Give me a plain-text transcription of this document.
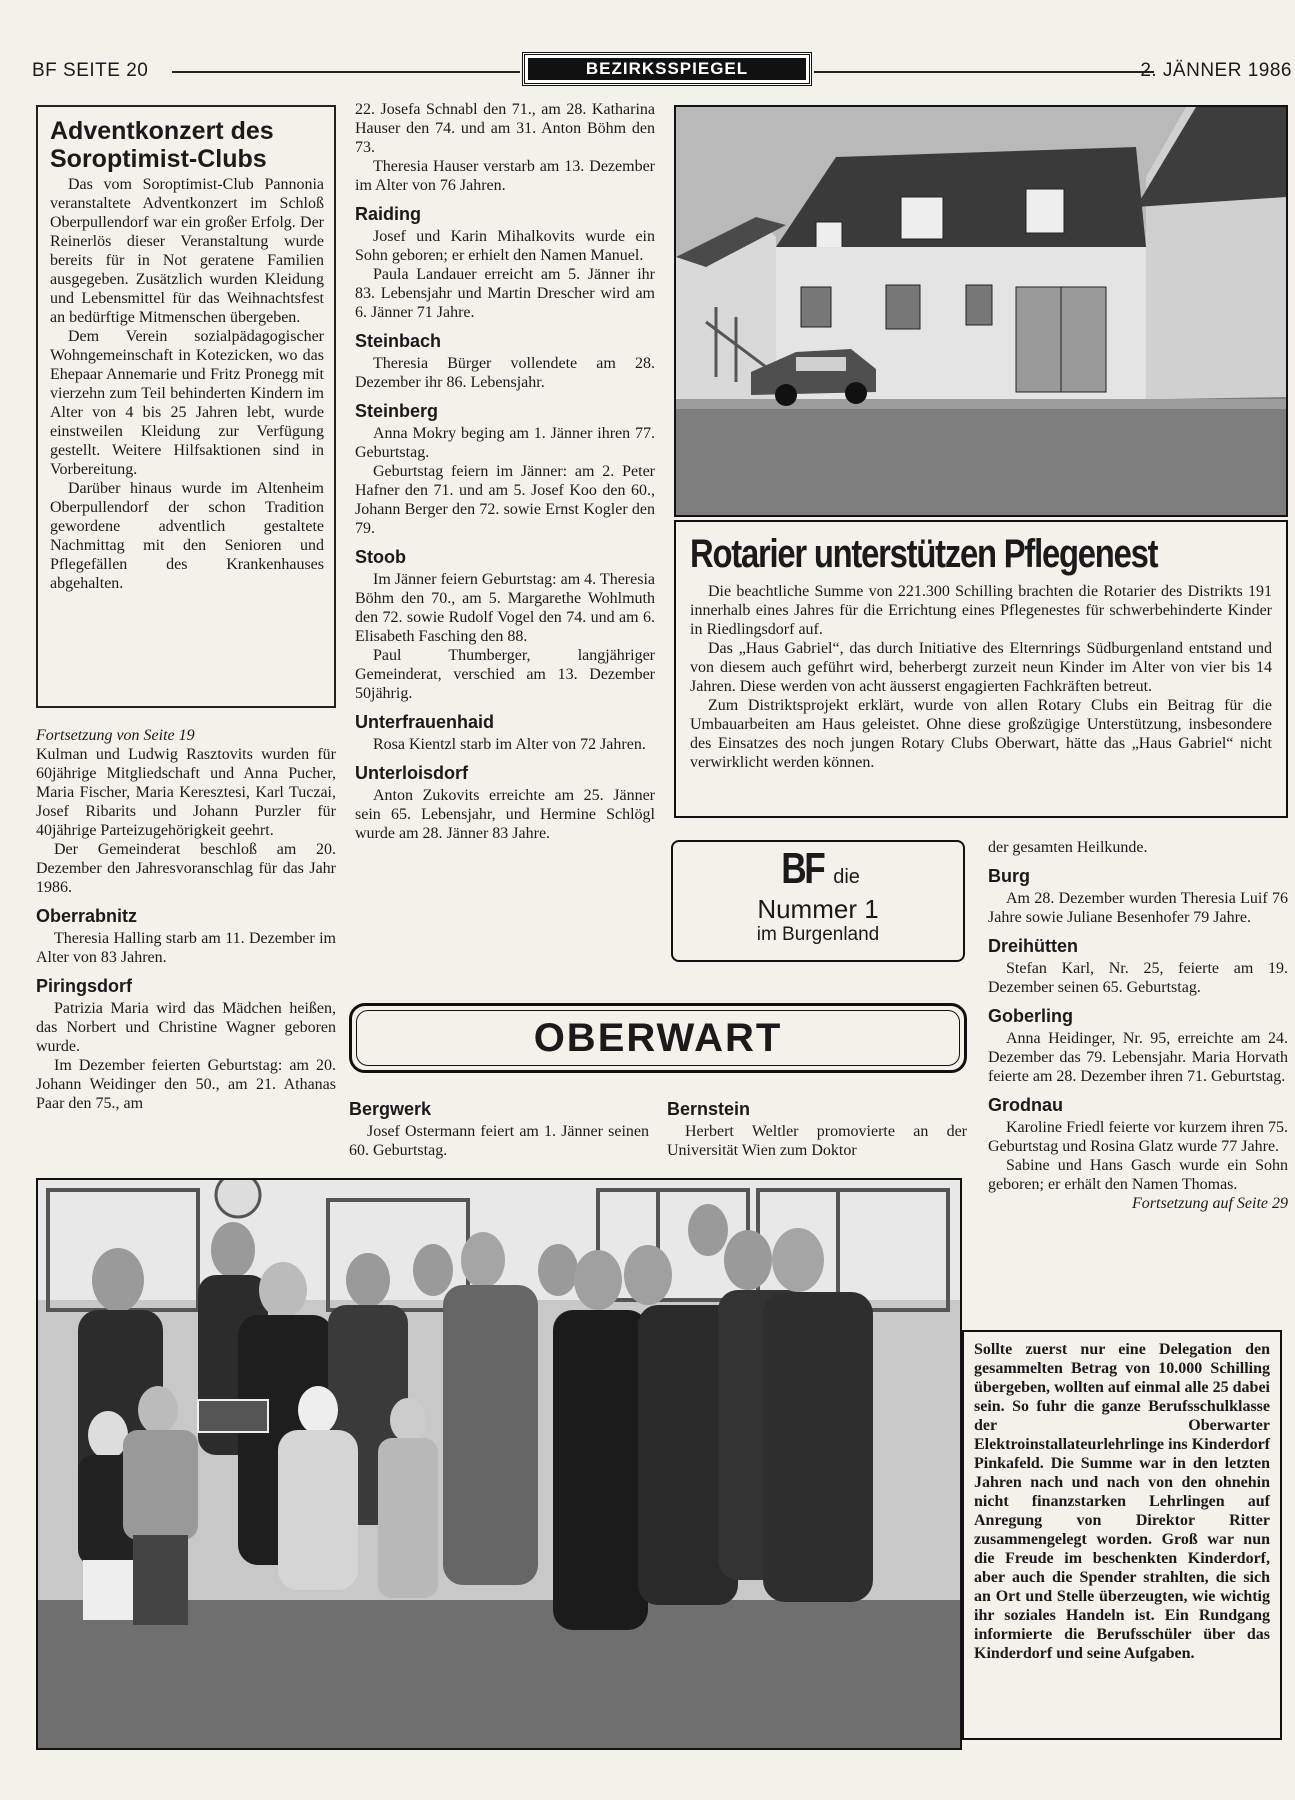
BF SEITE 20	BEZIRKSSPIEGEL	2. JÄNNER 1986
Adventkonzert des Soroptimist-Clubs

Das vom Soroptimist-Club Pannonia veranstaltete Adventkonzert im Schloß Oberpullendorf war ein großer Erfolg. Der Reinerlös dieser Veranstaltung wurde bereits für in Not geratene Familien ausgegeben. Zusätzlich wurden Kleidung und Lebensmittel für das Weihnachtsfest an bedürftige Mitmenschen übergeben.

Dem Verein sozialpädagogischer Wohngemeinschaft in Kotezicken, wo das Ehepaar Annemarie und Fritz Pronegg mit vierzehn zum Teil behinderten Kindern im Alter von 4 bis 25 Jahren lebt, wurde einstweilen Kleidung zur Verfügung gestellt. Weitere Hilfsaktionen sind in Vorbereitung.

Darüber hinaus wurde im Altenheim Oberpullendorf der schon Tradition gewordene adventlich gestaltete Nachmittag mit den Senioren und Pflegefällen des Krankenhauses abgehalten.

Fortsetzung von Seite 19

Kulman und Ludwig Rasztovits wurden für 60jährige Mitgliedschaft und Anna Pucher, Maria Fischer, Maria Keresztesi, Karl Tuczai, Josef Ribarits und Johann Purzler für 40jährige Parteizugehörigkeit geehrt.

Der Gemeinderat beschloß am 20. Dezember den Jahresvoranschlag für das Jahr 1986.

Oberrabnitz

Theresia Halling starb am 11. Dezember im Alter von 83 Jahren.

Piringsdorf

Patrizia Maria wird das Mädchen heißen, das Norbert und Christine Wagner geboren wurde.

Im Dezember feierten Geburtstag: am 20. Johann Weidinger den 50., am 21. Athanas Paar den 75., am

22. Josefa Schnabl den 71., am 28. Katharina Hauser den 74. und am 31. Anton Böhm den 73.

Theresia Hauser verstarb am 13. Dezember im Alter von 76 Jahren.

Raiding

Josef und Karin Mihalkovits wurde ein Sohn geboren; er erhielt den Namen Manuel.

Paula Landauer erreicht am 5. Jänner ihr 83. Lebensjahr und Martin Drescher wird am 6. Jänner 71 Jahre.

Steinbach

Theresia Bürger vollendete am 28. Dezember ihr 86. Lebensjahr.

Steinberg

Anna Mokry beging am 1. Jänner ihren 77. Geburtstag.

Geburtstag feiern im Jänner: am 2. Peter Hafner den 71. und am 5. Josef Koo den 60., Johann Berger den 72. sowie Ernst Kogler den 79.

Stoob

Im Jänner feiern Geburtstag: am 4. Theresia Böhm den 70., am 5. Margarethe Wohlmuth den 72. sowie Rudolf Vogel den 74. und am 6. Elisabeth Fasching den 88.

Paul Thumberger, langjähriger Gemeinderat, verschied am 13. Dezember 50jährig.

Unterfrauenhaid

Rosa Kientzl starb im Alter von 72 Jahren.

Unterloisdorf

Anton Zukovits erreichte am 25. Jänner sein 65. Lebensjahr, und Hermine Schlögl wurde am 28. Jänner 83 Jahre.

Rotarier unterstützen Pflegenest

Die beachtliche Summe von 221.300 Schilling brachten die Rotarier des Distrikts 191 innerhalb eines Jahres für die Errichtung eines Pflegenestes für schwerbehinderte Kinder in Riedlingsdorf auf.

Das „Haus Gabriel“, das durch Initiative des Elternrings Südburgenland entstand und von diesem auch geführt wird, beherbergt zurzeit neun Kinder im Alter von vier bis 14 Jahren. Diese werden von acht äusserst engagierten Fachkräften betreut.

Zum Distriktsprojekt erklärt, wurde von allen Rotary Clubs ein Beitrag für die Umbauarbeiten am Haus geleistet. Ohne diese großzügige Unterstützung, insbesondere des Einsatzes des noch jungen Rotary Clubs Oberwart, hätte das „Haus Gabriel“ nicht verwirklicht werden können.

BF die
Nummer 1
im Burgenland

der gesamten Heilkunde.

Burg

Am 28. Dezember wurden Theresia Luif 76 Jahre sowie Juliane Besenhofer 79 Jahre.

Dreihütten

Stefan Karl, Nr. 25, feierte am 19. Dezember seinen 65. Geburtstag.

Goberling

Anna Heidinger, Nr. 95, erreichte am 24. Dezember das 79. Lebensjahr. Maria Horvath feierte am 28. Dezember ihren 71. Geburtstag.

Grodnau

Karoline Friedl feierte vor kurzem ihren 75. Geburtstag und Rosina Glatz wurde 77 Jahre.

Sabine und Hans Gasch wurde ein Sohn geboren; er erhält den Namen Thomas.

Fortsetzung auf Seite 29

OBERWART
Bergwerk

Josef Ostermann feiert am 1. Jänner seinen 60. Geburtstag.

Bernstein

Herbert Weltler promovierte an der Universität Wien zum Doktor

Sollte zuerst nur eine Delegation den gesammelten Betrag von 10.000 Schilling übergeben, wollten auf einmal alle 25 dabei sein. So fuhr die ganze Berufsschulklasse der Oberwarter Elektroinstallateurlehrlinge ins Kinderdorf Pinkafeld. Die Summe war in den letzten Jahren nach und nach von den ohnehin nicht finanzstarken Lehrlingen auf Anregung von Direktor Ritter zusammengelegt worden. Groß war nun die Freude im beschenkten Kinderdorf, aber auch die Spender strahlten, die sich an Ort und Stelle überzeugten, wie wichtig ihr soziales Handeln ist. Ein Rundgang informierte die Berufsschüler über das Kinderdorf und seine Aufgaben.
